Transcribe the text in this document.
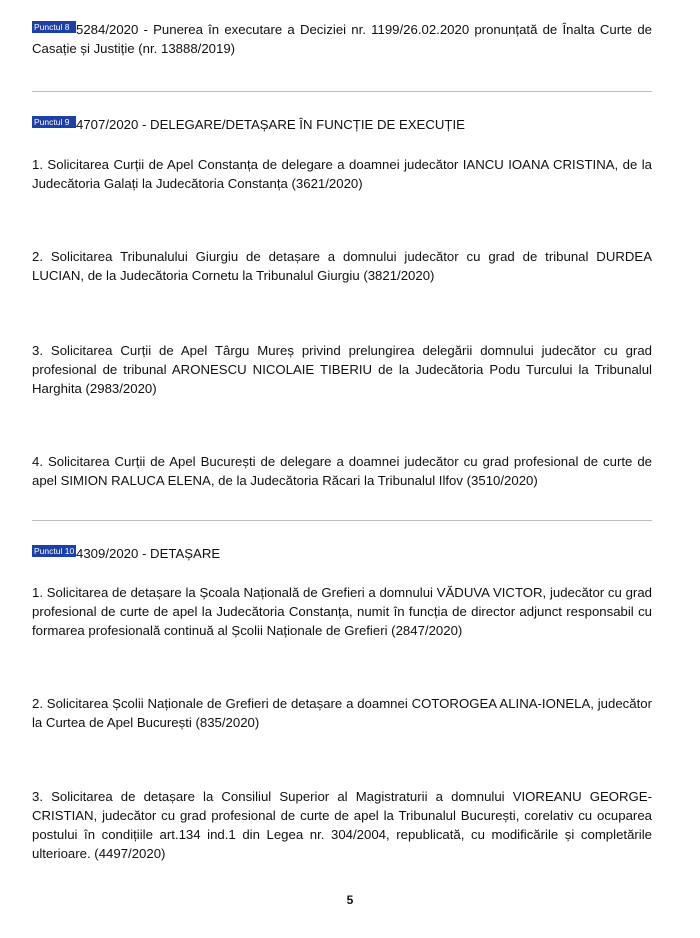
Punctul 8 5284/2020 - Punerea în executare a Deciziei nr. 1199/26.02.2020 pronunțată de Înalta Curte de Casație și Justiție (nr. 13888/2019)

Punctul 9 4707/2020 - DELEGARE/DETAȘARE ÎN FUNCȚIE DE EXECUȚIE

1. Solicitarea Curții de Apel Constanța de delegare a doamnei judecător IANCU IOANA CRISTINA, de la Judecătoria Galați la Judecătoria Constanța (3621/2020)

2. Solicitarea Tribunalului Giurgiu de detașare a domnului judecător cu grad de tribunal DURDEA LUCIAN, de la Judecătoria Cornetu la Tribunalul Giurgiu (3821/2020)

3. Solicitarea Curții de Apel Târgu Mureș privind prelungirea delegării domnului judecător cu grad profesional de tribunal ARONESCU NICOLAIE TIBERIU de la Judecătoria Podu Turcului la Tribunalul Harghita (2983/2020)

4. Solicitarea Curții de Apel București de delegare a doamnei judecător cu grad profesional de curte de apel SIMION RALUCA ELENA, de la Judecătoria Răcari la Tribunalul Ilfov (3510/2020)

Punctul 10 4309/2020 - DETAȘARE

1. Solicitarea de detașare la Școala Națională de Grefieri a domnului VĂDUVA VICTOR, judecător cu grad profesional de curte de apel la Judecătoria Constanța, numit în funcția de director adjunct responsabil cu formarea profesională continuă al Școlii Naționale de Grefieri (2847/2020)

2. Solicitarea Școlii Naționale de Grefieri de detașare a doamnei COTOROGEA ALINA-IONELA, judecător la Curtea de Apel București (835/2020)

3. Solicitarea de detașare la Consiliul Superior al Magistraturii a domnului VIOREANU GEORGE-CRISTIAN, judecător cu grad profesional de curte de apel la Tribunalul București, corelativ cu ocuparea postului în condițiile art.134 ind.1 din Legea nr. 304/2004, republicată, cu modificările și completările ulterioare. (4497/2020)

5
